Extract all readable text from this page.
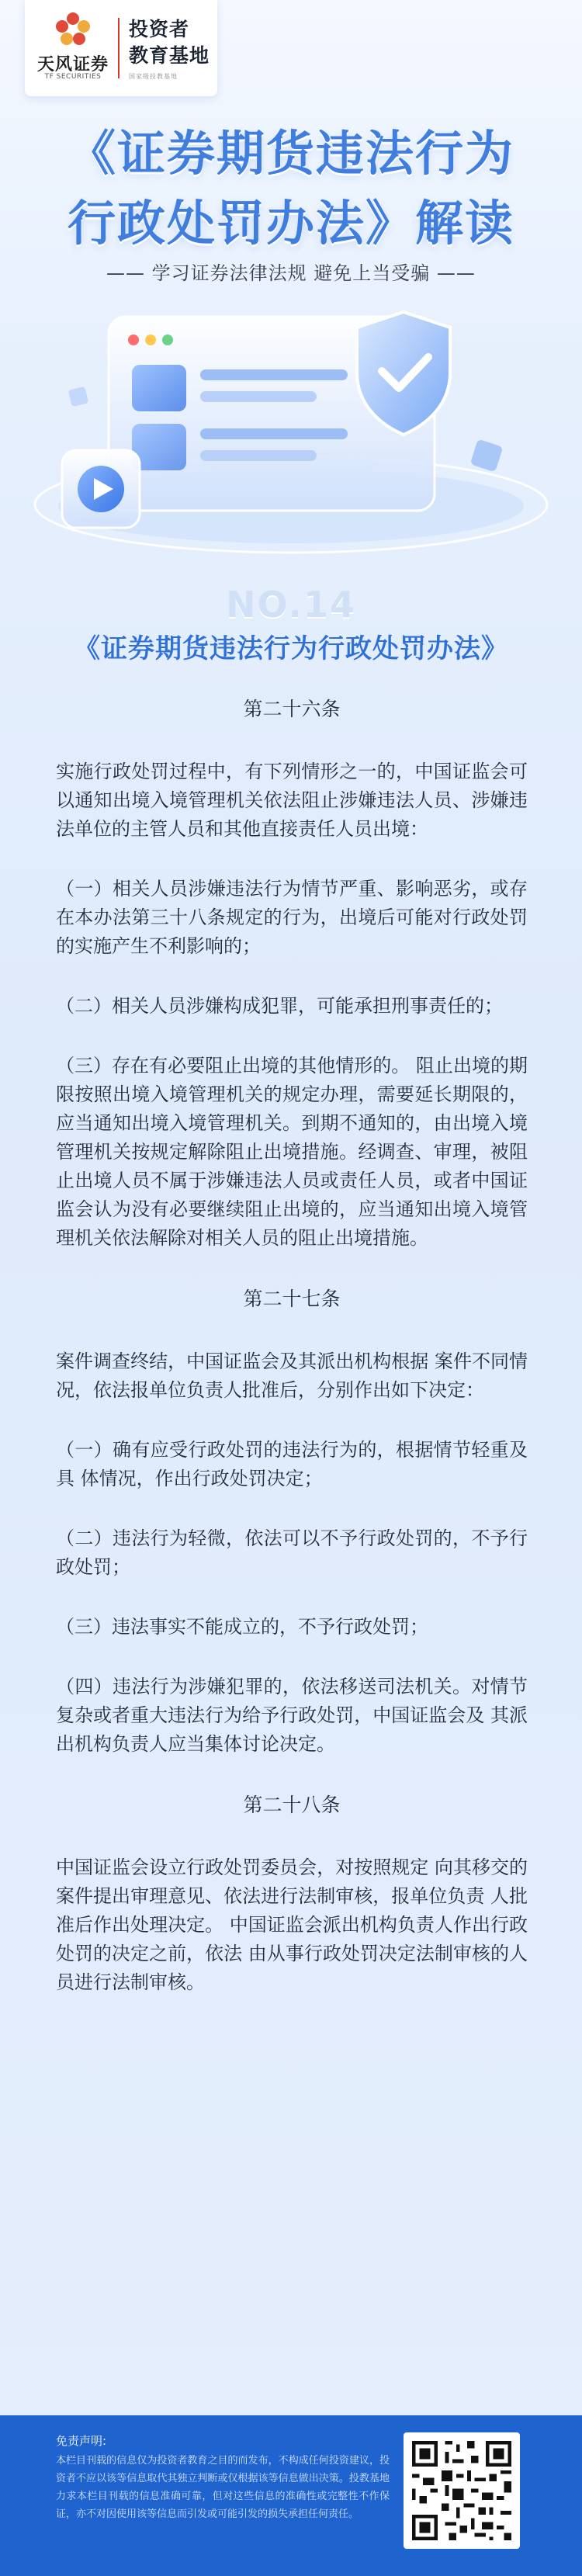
天风证券
TF SECURITIES
投资者
教育基地
国家级投教基地
《证券期货违法行为
行政处罚办法》解读
—— 学习证券法律法规 避免上当受骗 ——
NO.14
《证券期货违法行为行政处罚办法》
第二十六条

实施行政处罚过程中，有下列情形之一的，中国证监会可以通知出境入境管理机关依法阻止涉嫌违法人员、涉嫌违法单位的主管人员和其他直接责任人员出境：

（一）相关人员涉嫌违法行为情节严重、影响恶劣，或存在本办法第三十八条规定的行为，出境后可能对行政处罚的实施产生不利影响的；

（二）相关人员涉嫌构成犯罪，可能承担刑事责任的；

（三）存在有必要阻止出境的其他情形的。 阻止出境的期限按照出境入境管理机关的规定办理，需要延长期限的，应当通知出境入境管理机关。到期不通知的，由出境入境管理机关按规定解除阻止出境措施。经调查、审理，被阻止出境人员不属于涉嫌违法人员或责任人员，或者中国证监会认为没有必要继续阻止出境的，应当通知出境入境管理机关依法解除对相关人员的阻止出境措施。

第二十七条

案件调查终结，中国证监会及其派出机构根据 案件不同情况，依法报单位负责人批准后，分别作出如下决定：

（一）确有应受行政处罚的违法行为的，根据情节轻重及具 体情况，作出行政处罚决定；

（二）违法行为轻微，依法可以不予行政处罚的，不予行政处罚；

（三）违法事实不能成立的，不予行政处罚；

（四）违法行为涉嫌犯罪的，依法移送司法机关。对情节复杂或者重大违法行为给予行政处罚，中国证监会及 其派出机构负责人应当集体讨论决定。

第二十八条

中国证监会设立行政处罚委员会，对按照规定 向其移交的案件提出审理意见、依法进行法制审核，报单位负责 人批准后作出处理决定。 中国证监会派出机构负责人作出行政处罚的决定之前，依法 由从事行政处罚决定法制审核的人员进行法制审核。

免责声明:
本栏目刊载的信息仅为投资者教育之目的而发布，不构成任何投资建议，投资者不应以该等信息取代其独立判断或仅根据该等信息做出决策。投教基地力求本栏目刊载的信息准确可靠，但对这些信息的准确性或完整性不作保证，亦不对因使用该等信息而引发或可能引发的损失承担任何责任。
